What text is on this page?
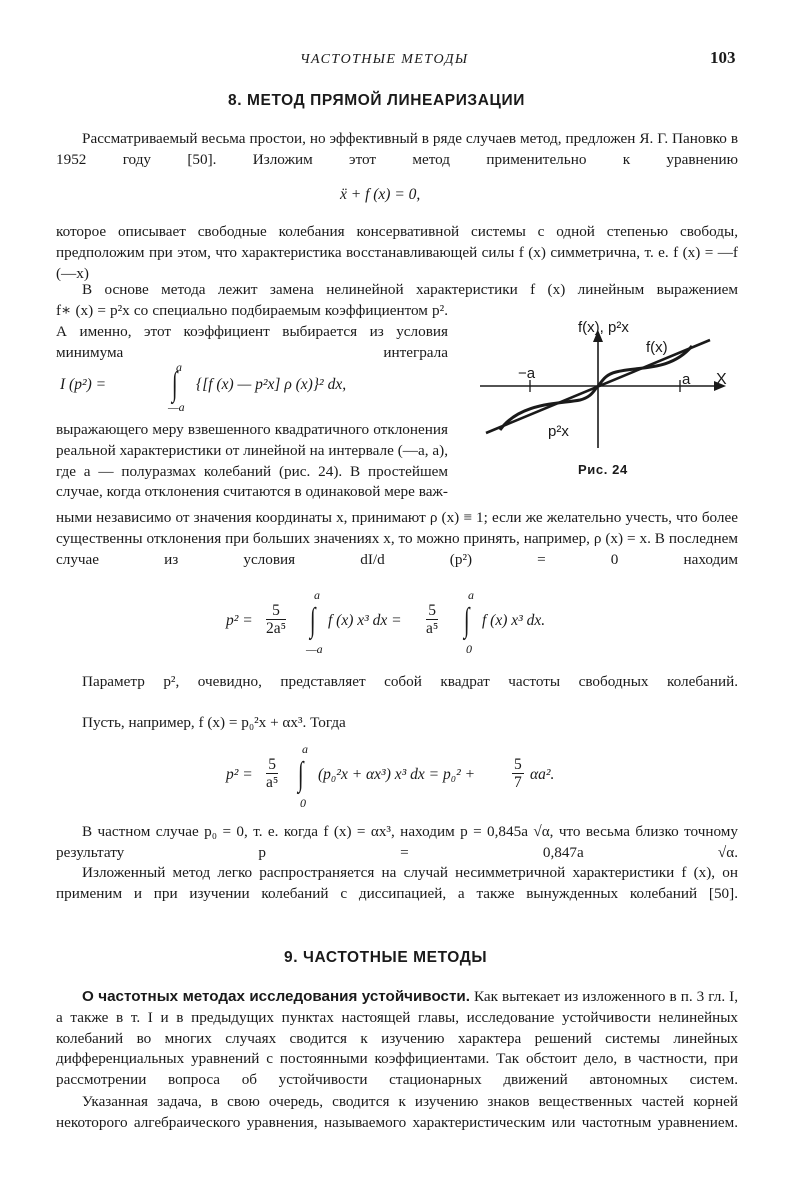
ЧАСТОТНЫЕ МЕТОДЫ	103
8. МЕТОД ПРЯМОЙ ЛИНЕАРИЗАЦИИ
Рассматриваемый весьма простои, но эффективный в ряде случаев метод, предложен Я. Г. Пановко в 1952 году [50]. Изложим этот метод применительно к уравнению
ẍ + f (x) = 0,
которое описывает свободные колебания консервативной системы с одной степенью свободы, предположим при этом, что характеристика восстанавливающей силы f (x) симметрична, т. е. f (x) = —f (—x)
В основе метода лежит замена нелинейной характеристики f (x) линейным выражением
f∗ (x) = p²x со специально подбираемым коэффициентом p². А именно, этот коэффициент выбирается из условия минимума интеграла
I (p²) =
a
∫
—a
{[f (x) — p²x] ρ (x)}² dx,
выражающего меру взвешенного квадратичного отклонения реальной характеристики от линейной на интервале (—a, a), где a — полуразмах колебаний (рис. 24). В простейшем случае, когда отклонения считаются в одинаковой мере важ-
ными независимо от значения координаты x, принимают ρ (x) ≡ 1; если же желательно учесть, что более существенны отклонения при больших значениях x, то можно принять, например, ρ (x) = x. В последнем случае из условия dI/d (p²) = 0 находим
f(x), p²x
f(x)
p²x
−a	a X
Рис. 24
$p^2 = \frac{5}{\text{2a⁵}}$
a
∫
—a
f (x) x³ dx = $\frac{5}{\text{a⁵}}$
a
∫
0
f (x) x³ dx.
Параметр p², очевидно, представляет собой квадрат частоты свободных колебаний.
Пусть, например, f (x) = p₀²x + αx³. Тогда
$p^2 = \frac{5}{\text{a⁵}}$
a
∫
0
(p₀²x + αx³) x³ dx = $p_0^2 + \frac{5}{7} \alpha a^2$.
В частном случае p₀ = 0, т. е. когда f (x) = αx³, находим p = 0,845a √α, что весьма близко точному результату p = 0,847a √α.
Изложенный метод легко распространяется на случай несимметричной характеристики f (x), он применим и при изучении колебаний с диссипацией, а также вынужденных колебаний [50].
9. ЧАСТОТНЫЕ МЕТОДЫ
О частотных методах исследования устойчивости. Как вытекает из изложенного в п. 3 гл. I, а также в т. I и в предыдущих пунктах настоящей главы, исследование устойчивости нелинейных колебаний во многих случаях сводится к изучению характера решений системы линейных дифференциальных уравнений с постоянными коэффициентами. Так обстоит дело, в частности, при рассмотрении вопроса об устойчивости стационарных движений автономных систем.
Указанная задача, в свою очередь, сводится к изучению знаков вещественных частей корней некоторого алгебраического уравнения, называемого характеристическим или частотным уравнением.
